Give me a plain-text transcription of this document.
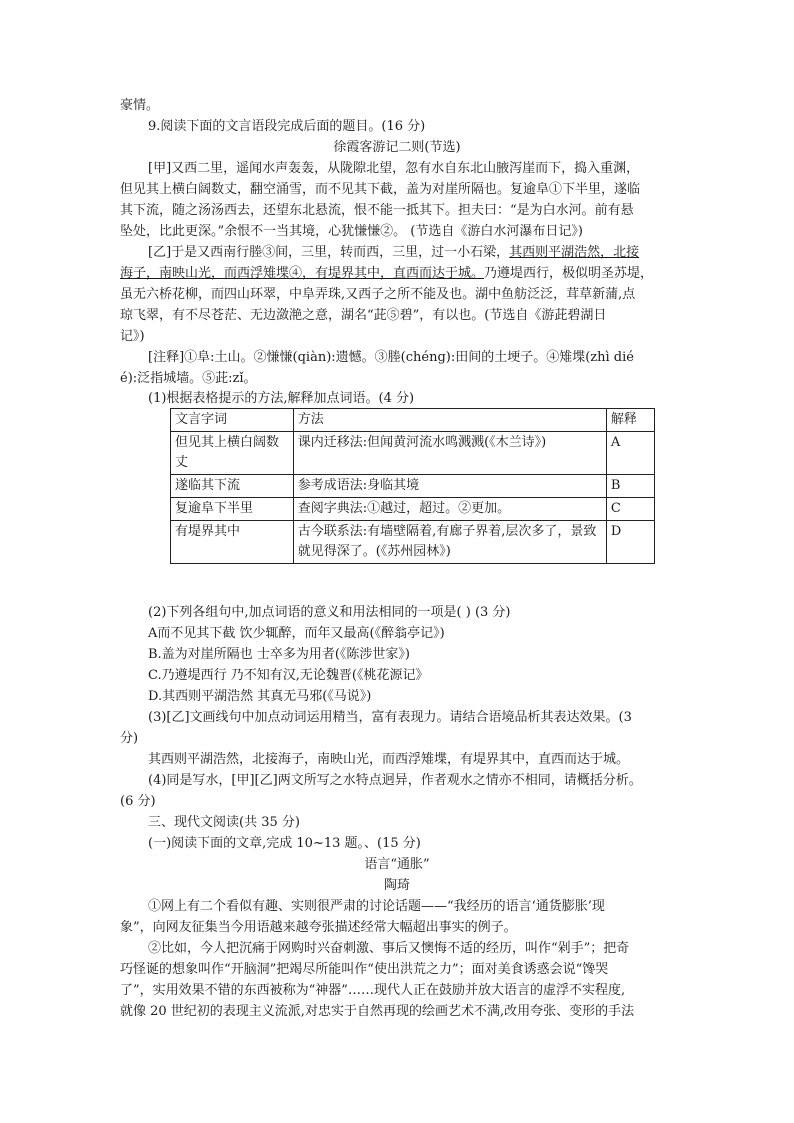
豪情。
9.阅读下面的文言语段完成后面的题目。(16 分)
徐霞客游记二则(节选)
[甲]又西二里，遥闻水声轰轰，从陇隙北望，忽有水自东北山腋泻崖而下，捣入重渊，
但见其上横白阔数丈，翻空涌雪，而不见其下截，盖为对崖所隔也。复逾阜①下半里，遂临
其下流，随之汤汤西去，还望东北悬流，恨不能一抵其下。担夫曰：“是为白水河。前有悬
坠处，比此更深。”余恨不一当其境，心犹慊慊②。 (节选自《游白水河瀑布日记》)
[乙]于是又西南行塍③间，三里，转而西，三里，过一小石梁，其西则平湖浩然，北接
海子，南映山光，而西浮雉堞④，有堤界其中，直西而达于城。乃遵堤西行，极似明圣苏堤，
虽无六桥花柳，而四山环翠，中阜弄珠,又西子之所不能及也。湖中鱼舫泛泛，茸草新蒲,点
琼飞翠，有不尽苍茫、无边潋滟之意，湖名“茈⑤碧”，有以也。(节选自《游茈碧湖日
记》)
[注释]①阜:土山。②慊慊(qiàn):遗憾。③塍(chéng):田间的土埂子。④雉堞(zhì dié
é):泛指城墙。⑤茈:zǐ。
(1)根据表格提示的方法,解释加点词语。(4 分)
文言字词	方法	解释
但见其上横白阔数丈	课内迁移法:但闻黄河流水鸣溅溅(《木兰诗》)	A
遂临其下流	参考成语法:身临其境	B
复逾阜下半里	查阅字典法:①越过，超过。②更加。	C
有堤界其中	古今联系法:有墙壁隔着,有廊子界着,层次多了，景致就见得深了。(《苏州园林》)	D
(2)下列各组句中,加点词语的意义和用法相同的一项是( ) (3 分)
A而不见其下截 饮少辄醉，而年又最高(《醉翁亭记》)
B.盖为对崖所隔也 士卒多为用者(《陈涉世家》)
C.乃遵堤西行 乃不知有汉,无论魏晋(《桃花源记》
D.其西则平湖浩然 其真无马邪(《马说》)
(3)[乙]文画线句中加点动词运用精当，富有表现力。请结合语境品析其表达效果。(3
分)
其西则平湖浩然，北接海子，南映山光，而西浮雉堞，有堤界其中，直西而达于城。
(4)同是写水，[甲][乙]两文所写之水特点迥异，作者观水之情亦不相同，请概括分析。
(6 分)
三、现代文阅读(共 35 分)
(一)阅读下面的文章,完成 10~13 题。、(15 分)
语言“通胀”
陶琦
①网上有二个看似有趣、实则很严肃的讨论话题——“我经历的语言‘通货膨胀’现
象”，向网友征集当今用语越来越夸张描述经常大幅超出事实的例子。
②比如，今人把沉痛于网购时兴奋刺激、事后又懊悔不适的经历，叫作“剁手”；把奇
巧怪诞的想象叫作“开脑洞”把竭尽所能叫作“使出洪荒之力”；面对美食诱惑会说“馋哭
了”，实用效果不错的东西被称为“神器”……现代人正在鼓励并放大语言的虚浮不实程度,
就像 20 世纪初的表现主义流派,对忠实于自然再现的绘画艺术不满,改用夸张、变形的手法
